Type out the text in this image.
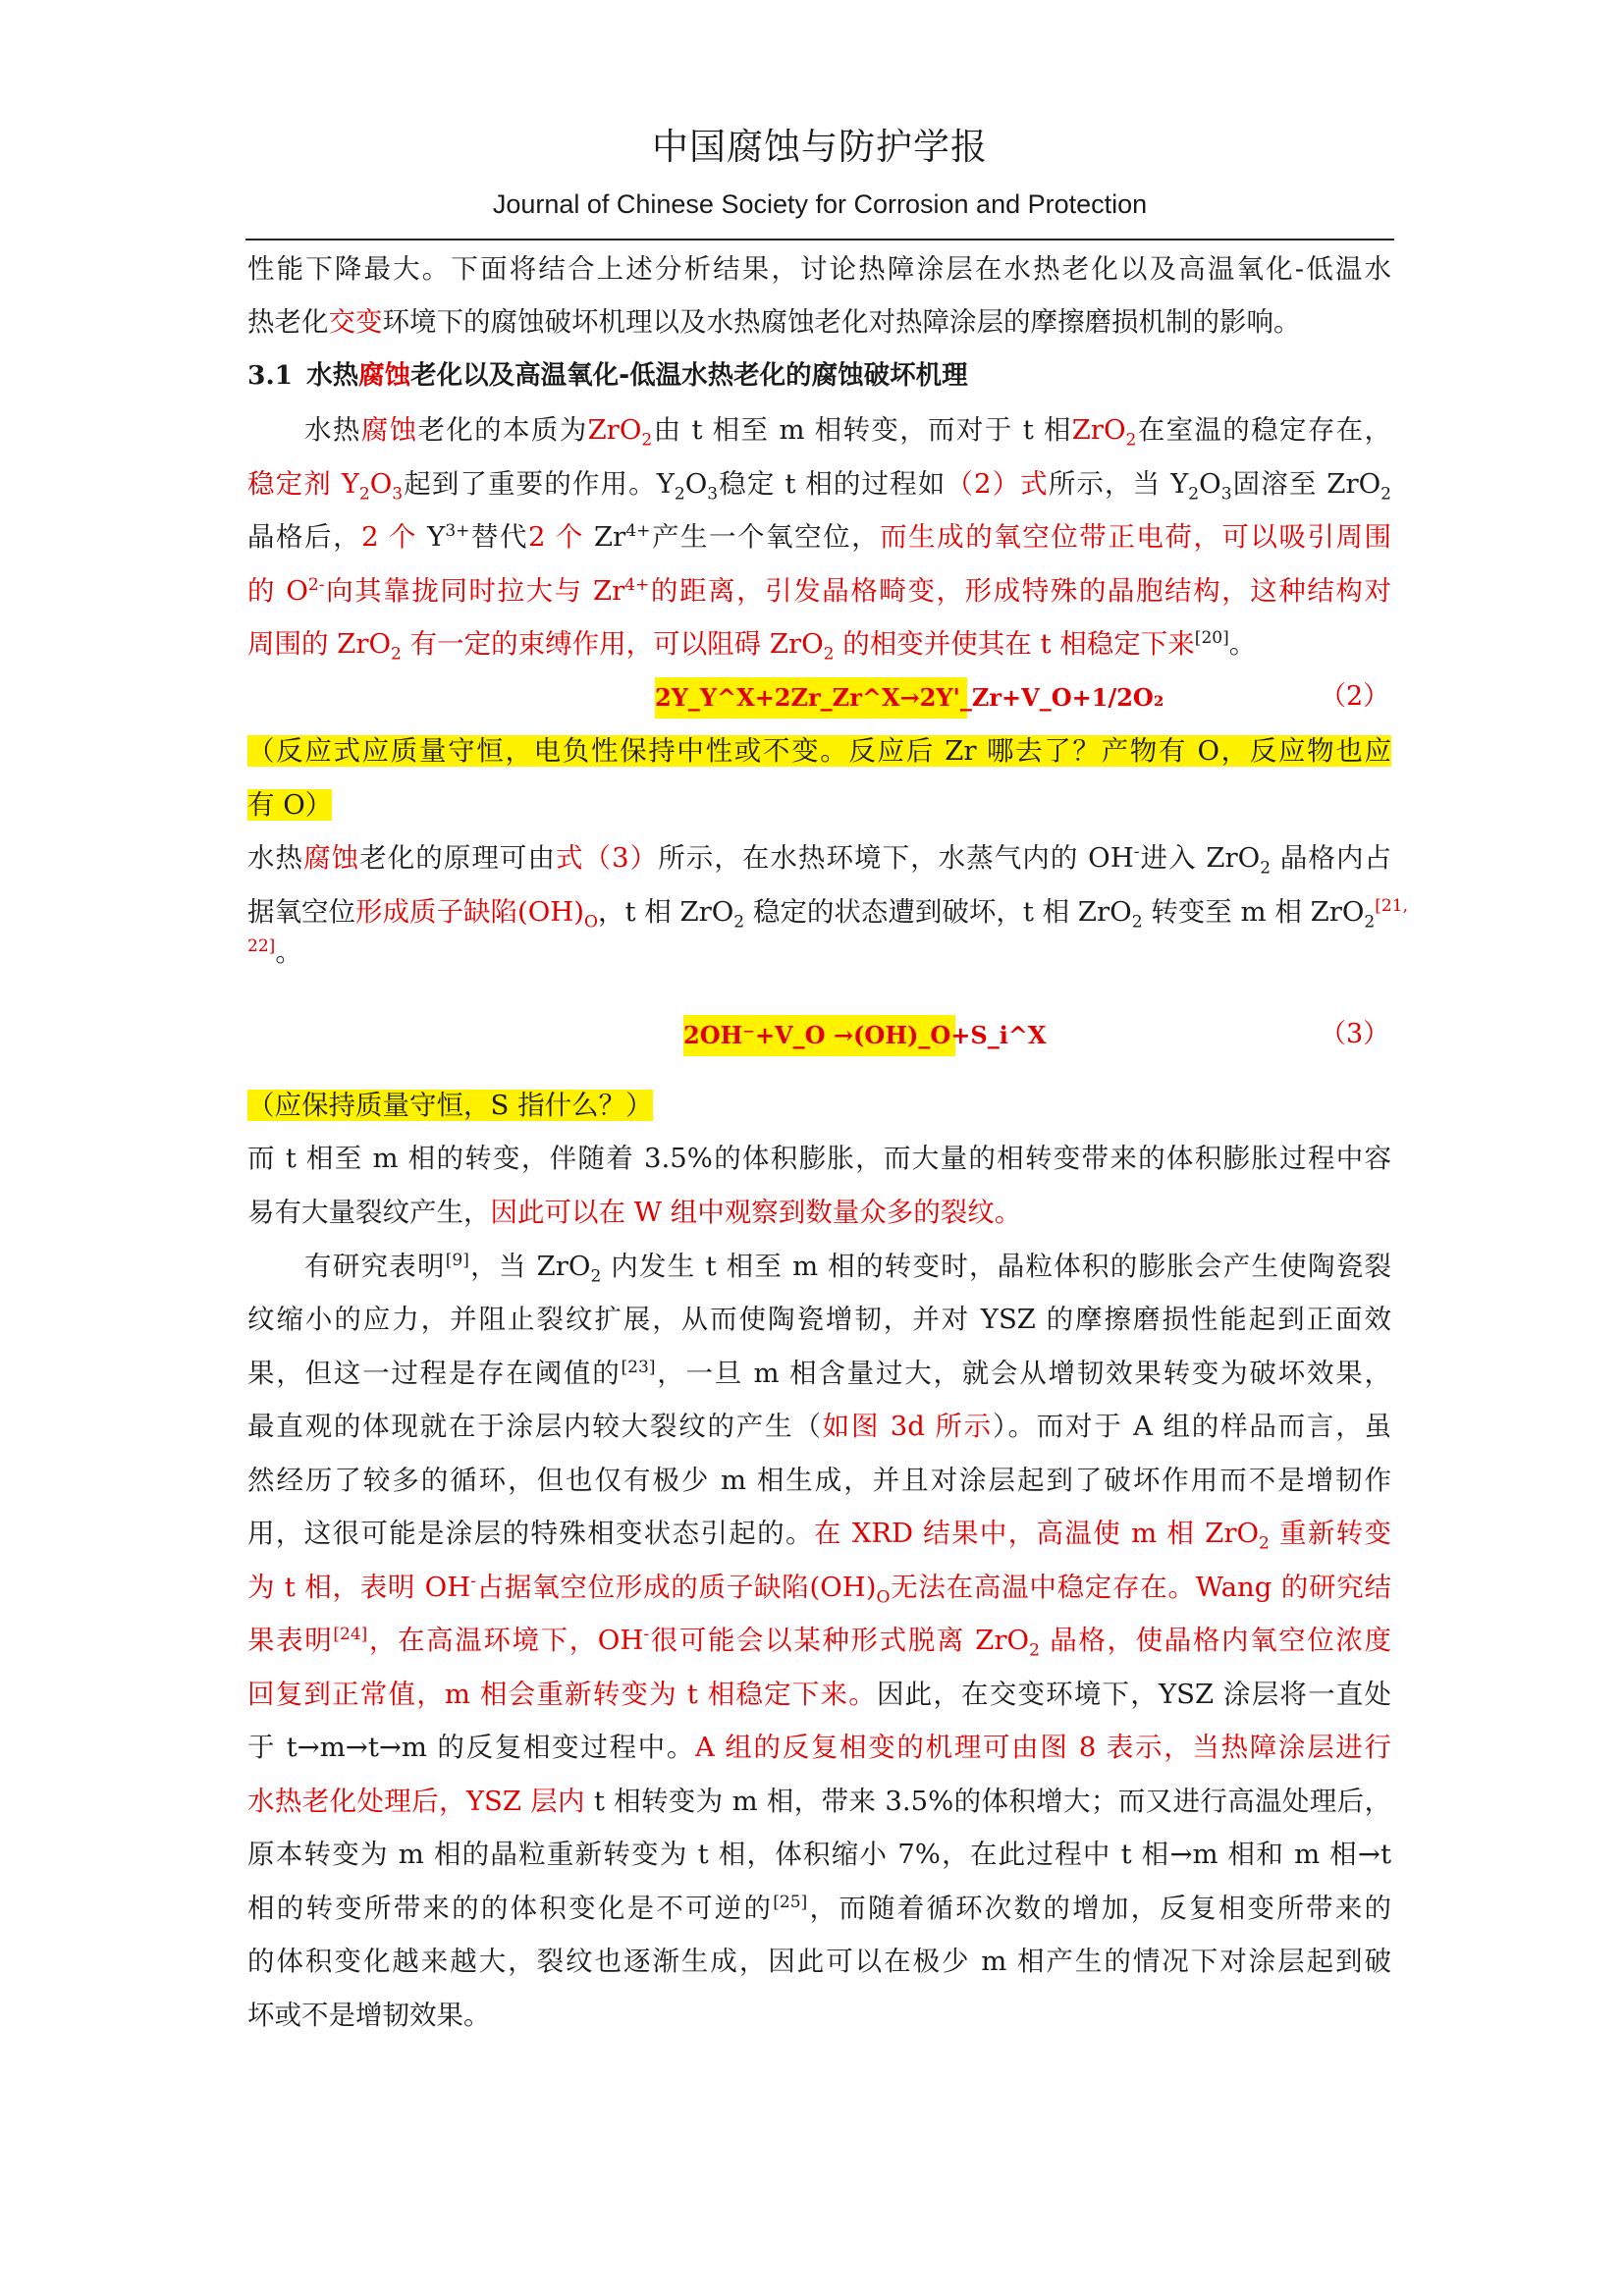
中国腐蚀与防护学报
Journal of Chinese Society for Corrosion and Protection
性能下降最大。下面将结合上述分析结果，讨论热障涂层在水热老化以及高温氧化-低温水
热老化交变环境下的腐蚀破坏机理以及水热腐蚀老化对热障涂层的摩擦磨损机制的影响。
3.1 水热腐蚀老化以及高温氧化-低温水热老化的腐蚀破坏机理
水热腐蚀老化的本质为ZrO$_2$由 t 相至 m 相转变，而对于 t 相ZrO$_2$在室温的稳定存在，
稳定剂 $Y_2O_3$起到了重要的作用。$Y_2O_3$稳定 t 相的过程如（2）式所示，当 $Y_2O_3$固溶至 ZrO$_2$
晶格后，2 个 $Y^{3+}$替代2 个 $Zr^{4+}$产生一个氧空位，而生成的氧空位带正电荷，可以吸引周围
的 $O^{2-}$向其靠拢同时拉大与 $Zr^{4+}$的距离，引发晶格畸变，形成特殊的晶胞结构，这种结构对
周围的 ZrO$_2$ 有一定的束缚作用，可以阻碍 ZrO$_2$ 的相变并使其在 t 相稳定下来[20]。
2Y_Y^X+2Zr_Zr^X→2Y'_Zr+V_O+1/2O₂	（2）
（反应式应质量守恒，电负性保持中性或不变。反应后 Zr 哪去了？产物有 O，反应物也应
有 O）
水热腐蚀老化的原理可由式（3）所示，在水热环境下，水蒸气内的 OH-进入 ZrO$_2$ 晶格内占
据氧空位形成质子缺陷$(OH)_O$，t 相 ZrO$_2$ 稳定的状态遭到破坏，t 相 ZrO$_2$ 转变至 m 相 ZrO$_2^{[21,}$
$^{22]}$。
2OH⁻+V_O →(OH)_O+S_i^X	（3）
（应保持质量守恒，S 指什么？）
而 t 相至 m 相的转变，伴随着 3.5%的体积膨胀，而大量的相转变带来的体积膨胀过程中容
易有大量裂纹产生，因此可以在 W 组中观察到数量众多的裂纹。
有研究表明[9]，当 ZrO$_2$ 内发生 t 相至 m 相的转变时，晶粒体积的膨胀会产生使陶瓷裂
纹缩小的应力，并阻止裂纹扩展，从而使陶瓷增韧，并对 YSZ 的摩擦磨损性能起到正面效
果，但这一过程是存在阈值的[23]，一旦 m 相含量过大，就会从增韧效果转变为破坏效果，
最直观的体现就在于涂层内较大裂纹的产生（如图 3d 所示）。而对于 A 组的样品而言，虽
然经历了较多的循环，但也仅有极少 m 相生成，并且对涂层起到了破坏作用而不是增韧作
用，这很可能是涂层的特殊相变状态引起的。在 XRD 结果中，高温使 m 相 ZrO$_2$ 重新转变
为 t 相，表明 OH-占据氧空位形成的质子缺陷$(OH)_O$无法在高温中稳定存在。Wang 的研究结
果表明[24]，在高温环境下，OH-很可能会以某种形式脱离 ZrO$_2$ 晶格，使晶格内氧空位浓度
回复到正常值，m 相会重新转变为 t 相稳定下来。因此，在交变环境下，YSZ 涂层将一直处
于 t→m→t→m 的反复相变过程中。A 组的反复相变的机理可由图 8 表示，当热障涂层进行
水热老化处理后，YSZ 层内 t 相转变为 m 相，带来 3.5%的体积增大；而又进行高温处理后，
原本转变为 m 相的晶粒重新转变为 t 相，体积缩小 7%，在此过程中 t 相→m 相和 m 相→t
相的转变所带来的的体积变化是不可逆的[25]，而随着循环次数的增加，反复相变所带来的
的体积变化越来越大，裂纹也逐渐生成，因此可以在极少 m 相产生的情况下对涂层起到破
坏或不是增韧效果。
